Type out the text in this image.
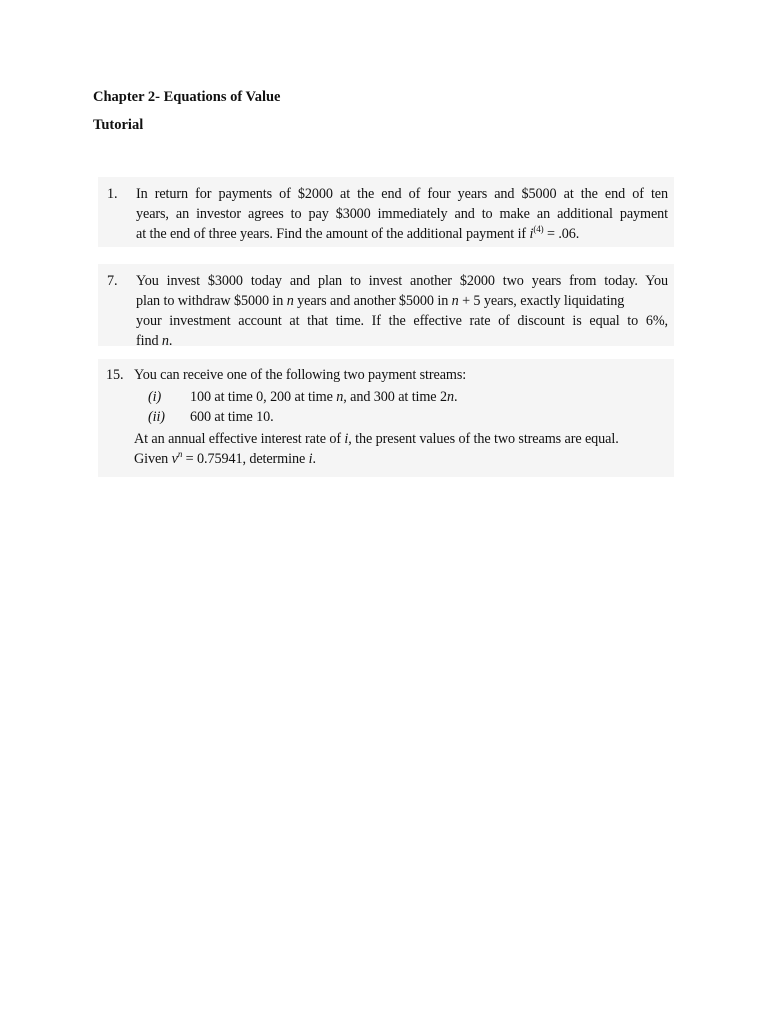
Chapter 2- Equations of Value
Tutorial
1. In return for payments of $2000 at the end of four years and $5000 at the end of ten
years, an investor agrees to pay $3000 immediately and to make an additional payment
at the end of three years. Find the amount of the additional payment if $i^{(4)} = .06$.
7. You invest $3000 today and plan to invest another $2000 two years from today. You
plan to withdraw $5000 in n years and another $5000 in n + 5 years, exactly liquidating
your investment account at that time. If the effective rate of discount is equal to 6%,
find n.
15. You can receive one of the following two payment streams:
(i) 100 at time 0, 200 at time n, and 300 at time 2n.
(ii) 600 at time 10.
At an annual effective interest rate of i, the present values of the two streams are equal.
Given $v^n = 0.75941$, determine i.
